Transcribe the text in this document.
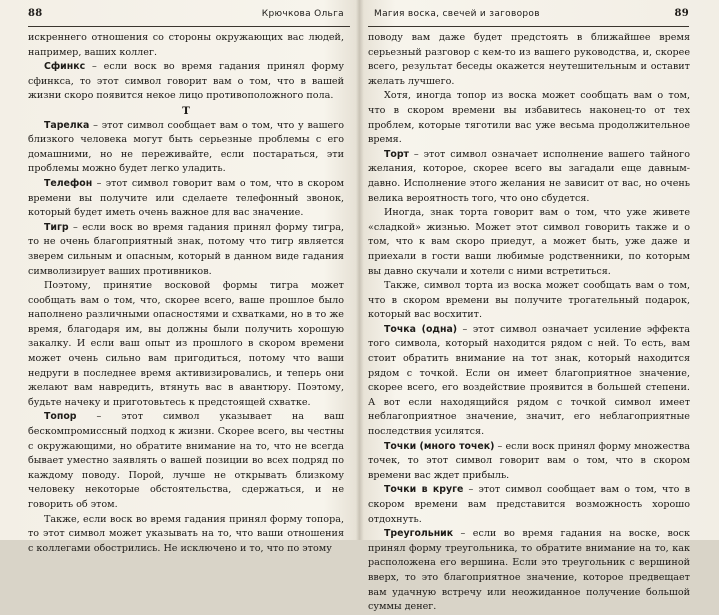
88	Крючкова Ольга

искреннего отношения со стороны окружающих вас людей, например, ваших коллег.

Сфинкс – если воск во время гадания принял форму сфинкса, то этот символ говорит вам о том, что в вашей жизни скоро появится некое лицо противоположного пола.

Т

Тарелка – этот символ сообщает вам о том, что у вашего близкого человека могут быть серьезные проблемы с его домашними, но не переживайте, если постараться, эти проблемы можно будет легко уладить.

Телефон – этот символ говорит вам о том, что в скором времени вы получите или сделаете телефонный звонок, который будет иметь очень важное для вас значение.

Тигр – если воск во время гадания принял форму тигра, то не очень благоприятный знак, потому что тигр является зверем сильным и опасным, который в данном виде гадания символизирует ваших противников.

Поэтому, принятие восковой формы тигра может сообщать вам о том, что, скорее всего, ваше прошлое было наполнено различными опасностями и схватками, но в то же время, благодаря им, вы должны были получить хорошую закалку. И если ваш опыт из прошлого в скором времени может очень сильно вам пригодиться, потому что ваши недруги в последнее время активизировались, и теперь они желают вам навредить, втянуть вас в авантюру. Поэтому, будьте начеку и приготовьтесь к предстоящей схватке.

Топор – этот символ указывает на ваш бескомпромиссный подход к жизни. Скорее всего, вы честны с окружающими, но обратите внимание на то, что не всегда бывает уместно заявлять о вашей позиции во всех подряд по каждому поводу. Порой, лучше не открывать близкому человеку некоторые обстоятельства, сдержаться, и не говорить об этом.

Также, если воск во время гадания принял форму топора, то этот символ может указывать на то, что ваши отношения с коллегами обострились. Не исключено и то, что по этому

Магия воска, свечей и заговоров	89

поводу вам даже будет предстоять в ближайшее время серьезный разговор с кем-то из вашего руководства, и, скорее всего, результат беседы окажется неутешительным и оставит желать лучшего.

Хотя, иногда топор из воска может сообщать вам о том, что в скором времени вы избавитесь наконец-то от тех проблем, которые тяготили вас уже весьма продолжительное время.

Торт – этот символ означает исполнение вашего тайного желания, которое, скорее всего вы загадали еще давным-давно. Исполнение этого желания не зависит от вас, но очень велика вероятность того, что оно сбудется.

Иногда, знак торта говорит вам о том, что уже живете «сладкой» жизнью. Может этот символ говорить также и о том, что к вам скоро приедут, а может быть, уже даже и приехали в гости ваши любимые родственники, по которым вы давно скучали и хотели с ними встретиться.

Также, символ торта из воска может сообщать вам о том, что в скором времени вы получите трогательный подарок, который вас восхитит.

Точка (одна) – этот символ означает усиление эффекта того символа, который находится рядом с ней. То есть, вам стоит обратить внимание на тот знак, который находится рядом с точкой. Если он имеет благоприятное значение, скорее всего, его воздействие проявится в большей степени. А вот если находящийся рядом с точкой символ имеет неблагоприятное значение, значит, его неблагоприятные последствия усилятся.

Точки (много точек) – если воск принял форму множества точек, то этот символ говорит вам о том, что в скором времени вас ждет прибыль.

Точки в круге – этот символ сообщает вам о том, что в скором времени вам представится возможность хорошо отдохнуть.

Треугольник – если во время гадания на воске, воск принял форму треугольника, то обратите внимание на то, как расположена его вершина. Если это треугольник с вершиной вверх, то это благоприятное значение, которое предвещает вам удачную встречу или неожиданное получение большой суммы денег.
